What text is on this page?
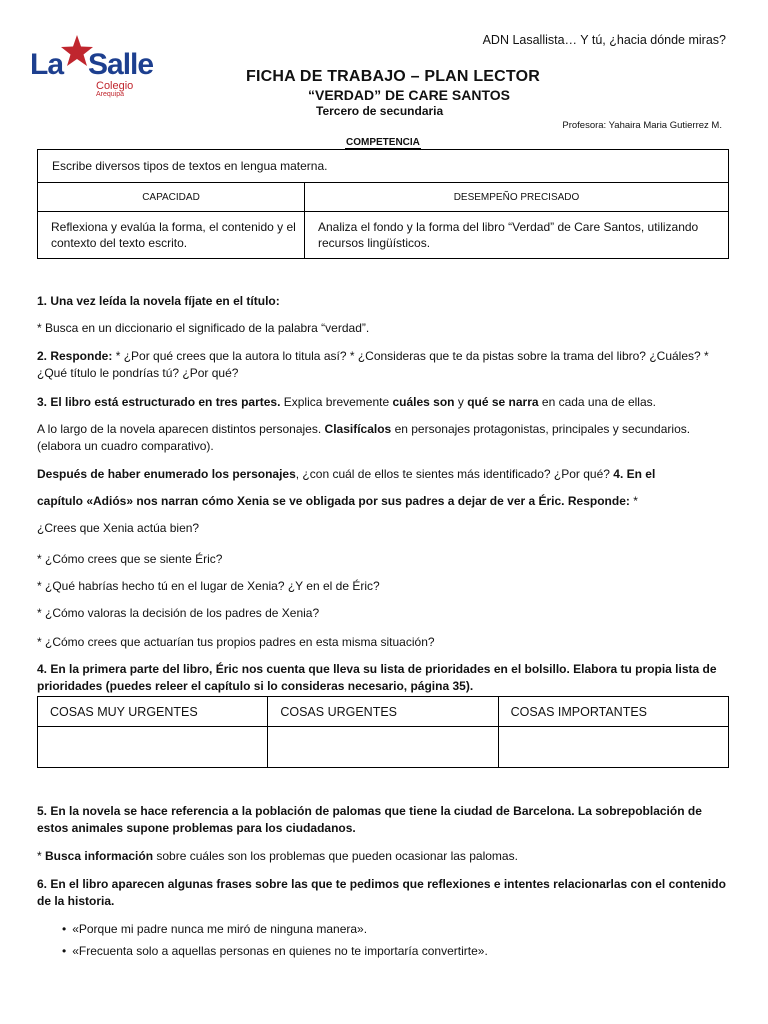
ADN Lasallista… Y tú, ¿hacia dónde miras?
La Salle
Colegio
Arequipa
FICHA DE TRABAJO – PLAN LECTOR
“VERDAD” DE CARE SANTOS
Tercero de secundaria
Profesora: Yahaira Maria Gutierrez M.
COMPETENCIA
Escribe diversos tipos de textos en lengua materna.	
CAPACIDAD	DESEMPEÑO PRECISADO
Reflexiona y evalúa la forma, el contenido y el contexto del texto escrito.	Analiza el fondo y la forma del libro “Verdad” de Care Santos, utilizando recursos lingüísticos.
1. Una vez leída la novela fíjate en el título:
* Busca en un diccionario el significado de la palabra “verdad”.
2. Responde: * ¿Por qué crees que la autora lo titula así? * ¿Consideras que te da pistas sobre la trama del libro? ¿Cuáles? * ¿Qué título le pondrías tú? ¿Por qué?
3. El libro está estructurado en tres partes. Explica brevemente cuáles son y qué se narra en cada una de ellas.
A lo largo de la novela aparecen distintos personajes. Clasifícalos en personajes protagonistas, principales y secundarios. (elabora un cuadro comparativo).
Después de haber enumerado los personajes, ¿con cuál de ellos te sientes más identificado? ¿Por qué? 4. En el
capítulo «Adiós» nos narran cómo Xenia se ve obligada por sus padres a dejar de ver a Éric. Responde: *
¿Crees que Xenia actúa bien?
* ¿Cómo crees que se siente Éric?
* ¿Qué habrías hecho tú en el lugar de Xenia? ¿Y en el de Éric?
* ¿Cómo valoras la decisión de los padres de Xenia?
* ¿Cómo crees que actuarían tus propios padres en esta misma situación?
4. En la primera parte del libro, Éric nos cuenta que lleva su lista de prioridades en el bolsillo. Elabora tu propia lista de prioridades (puedes releer el capítulo si lo consideras necesario, página 35).
COSAS MUY URGENTES	COSAS URGENTES	COSAS IMPORTANTES

5. En la novela se hace referencia a la población de palomas que tiene la ciudad de Barcelona. La sobrepoblación de estos animales supone problemas para los ciudadanos.
* Busca información sobre cuáles son los problemas que pueden ocasionar las palomas.
6. En el libro aparecen algunas frases sobre las que te pedimos que reflexiones e intentes relacionarlas con el contenido de la historia.
• «Porque mi padre nunca me miró de ninguna manera».
• «Frecuenta solo a aquellas personas en quienes no te importaría convertirte».
